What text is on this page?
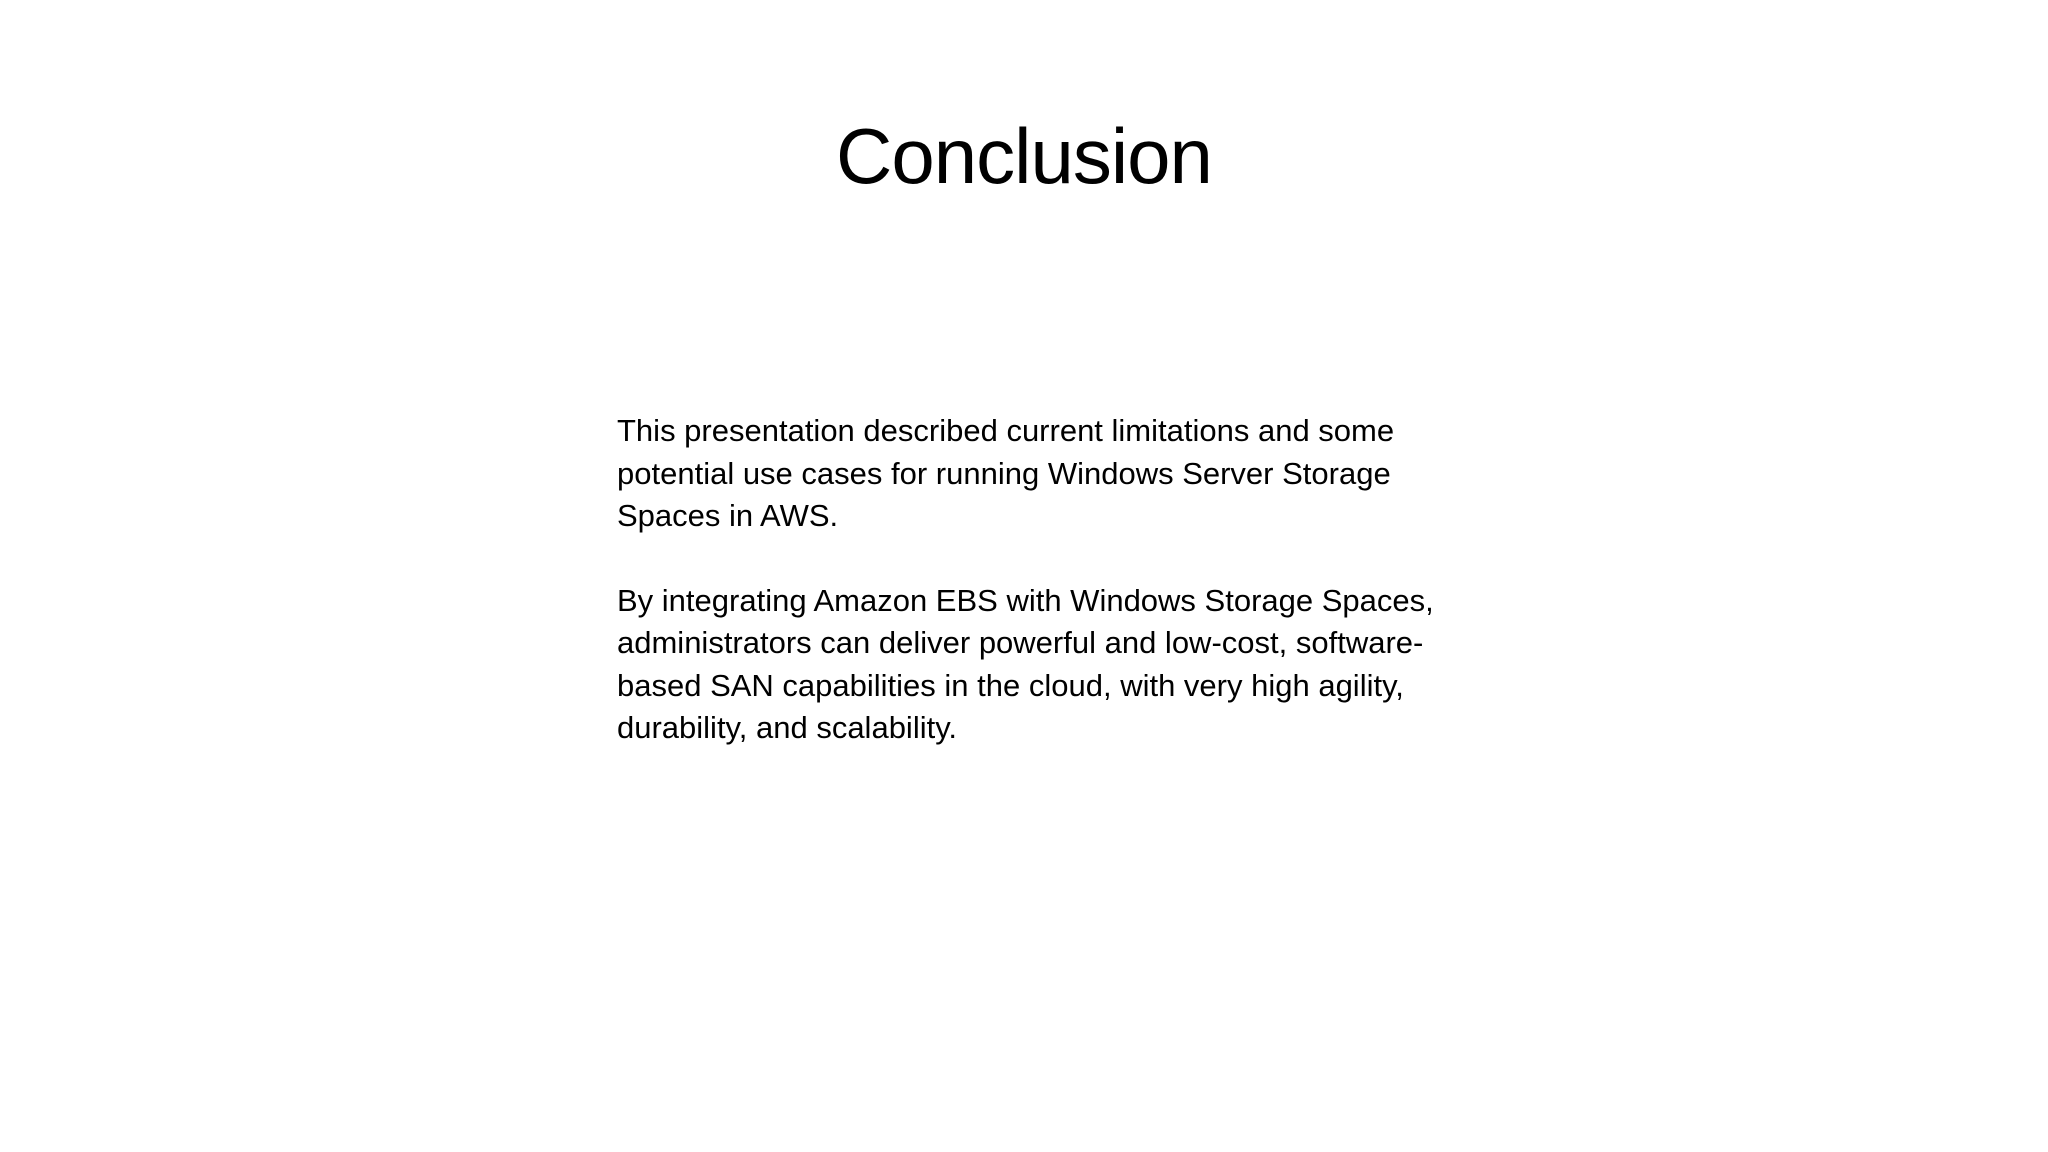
Conclusion

This presentation described current limitations and some potential use cases for running Windows Server Storage Spaces in AWS.

By integrating Amazon EBS with Windows Storage Spaces, administrators can deliver powerful and low-cost, software-based SAN capabilities in the cloud, with very high agility, durability, and scalability.
